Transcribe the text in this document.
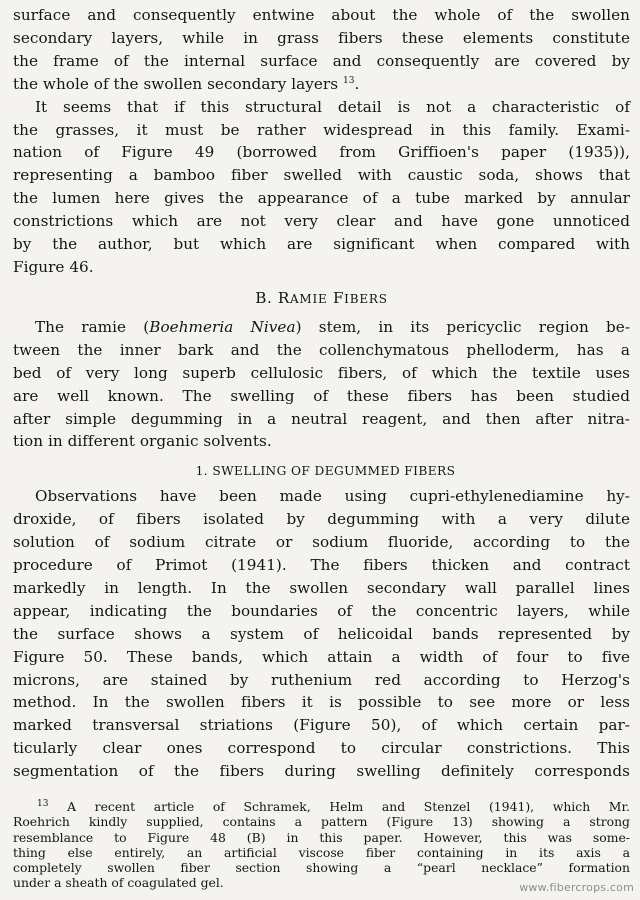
surface and consequently entwine about the whole of the swollen
secondary layers, while in grass fibers these elements constitute
the frame of the internal surface and consequently are covered by
the whole of the swollen secondary layers $^{13}$.

It seems that if this structural detail is not a characteristic of
the grasses, it must be rather widespread in this family. Exami-
nation of Figure 49 (borrowed from Griffioen's paper (1935)),
representing a bamboo fiber swelled with caustic soda, shows that
the lumen here gives the appearance of a tube marked by annular
constrictions which are not very clear and have gone unnoticed
by the author, but which are significant when compared with
Figure 46.

B. RAMIE FIBERS

The ramie (Boehmeria Nivea) stem, in its pericyclic region be-
tween the inner bark and the collenchymatous phelloderm, has a
bed of very long superb cellulosic fibers, of which the textile uses
are well known. The swelling of these fibers has been studied
after simple degumming in a neutral reagent, and then after nitra-
tion in different organic solvents.

1. SWELLING OF DEGUMMED FIBERS

Observations have been made using cupri-ethylenediamine hy-
droxide, of fibers isolated by degumming with a very dilute
solution of sodium citrate or sodium fluoride, according to the
procedure of Primot (1941). The fibers thicken and contract
markedly in length. In the swollen secondary wall parallel lines
appear, indicating the boundaries of the concentric layers, while
the surface shows a system of helicoidal bands represented by
Figure 50. These bands, which attain a width of four to five
microns, are stained by ruthenium red according to Herzog's
method. In the swollen fibers it is possible to see more or less
marked transversal striations (Figure 50), of which certain par-
ticularly clear ones correspond to circular constrictions. This
segmentation of the fibers during swelling definitely corresponds

$^{13}$ A recent article of Schramek, Helm and Stenzel (1941), which Mr.
Roehrich kindly supplied, contains a pattern (Figure 13) showing a strong
resemblance to Figure 48 (B) in this paper. However, this was some-
thing else entirely, an artificial viscose fiber containing in its axis a
completely swollen fiber section showing a “pearl necklace” formation
under a sheath of coagulated gel.	www.fibercrops.com
